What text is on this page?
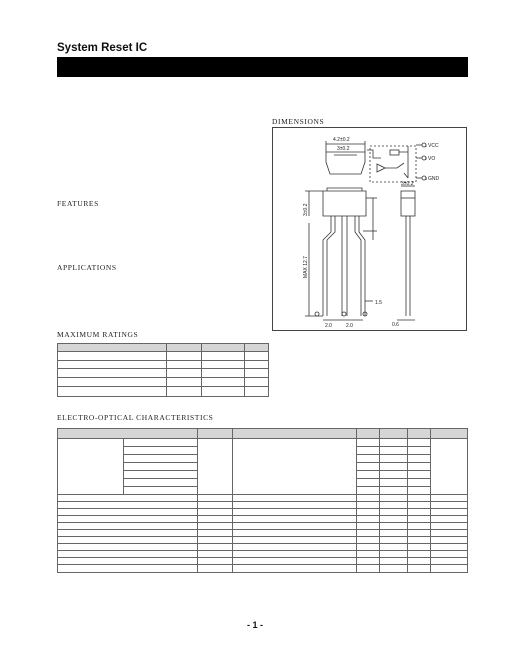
System Reset IC
DIMENSIONS
FEATURES
APPLICATIONS
MAXIMUM RATINGS
ELECTRO-OPTICAL CHARACTERISTICS
4.2±0.2
3±0.2
3±0.2
VCC
VO
GND
1
2
3
2.0	2.0	0.6
1.5
MAX 12.7
3±0.2

- 1 -
